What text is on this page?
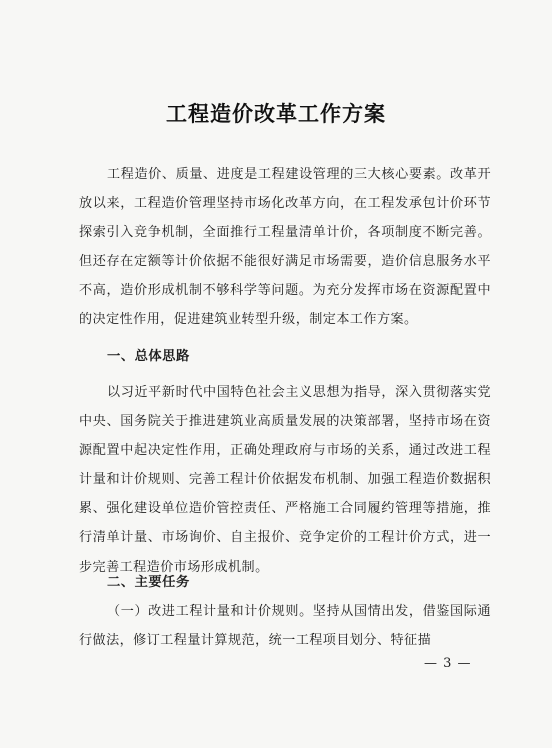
工程造价改革工作方案
工程造价、质量、进度是工程建设管理的三大核心要素。改革开放以来，工程造价管理坚持市场化改革方向，在工程发承包计价环节探索引入竞争机制，全面推行工程量清单计价，各项制度不断完善。但还存在定额等计价依据不能很好满足市场需要，造价信息服务水平不高，造价形成机制不够科学等问题。为充分发挥市场在资源配置中的决定性作用，促进建筑业转型升级，制定本工作方案。
一、总体思路
以习近平新时代中国特色社会主义思想为指导，深入贯彻落实党中央、国务院关于推进建筑业高质量发展的决策部署，坚持市场在资源配置中起决定性作用，正确处理政府与市场的关系，通过改进工程计量和计价规则、完善工程计价依据发布机制、加强工程造价数据积累、强化建设单位造价管控责任、严格施工合同履约管理等措施，推行清单计量、市场询价、自主报价、竞争定价的工程计价方式，进一步完善工程造价市场形成机制。
二、主要任务
（一）改进工程计量和计价规则。坚持从国情出发，借鉴国际通行做法，修订工程量计算规范，统一工程项目划分、特征描
— 3 —
